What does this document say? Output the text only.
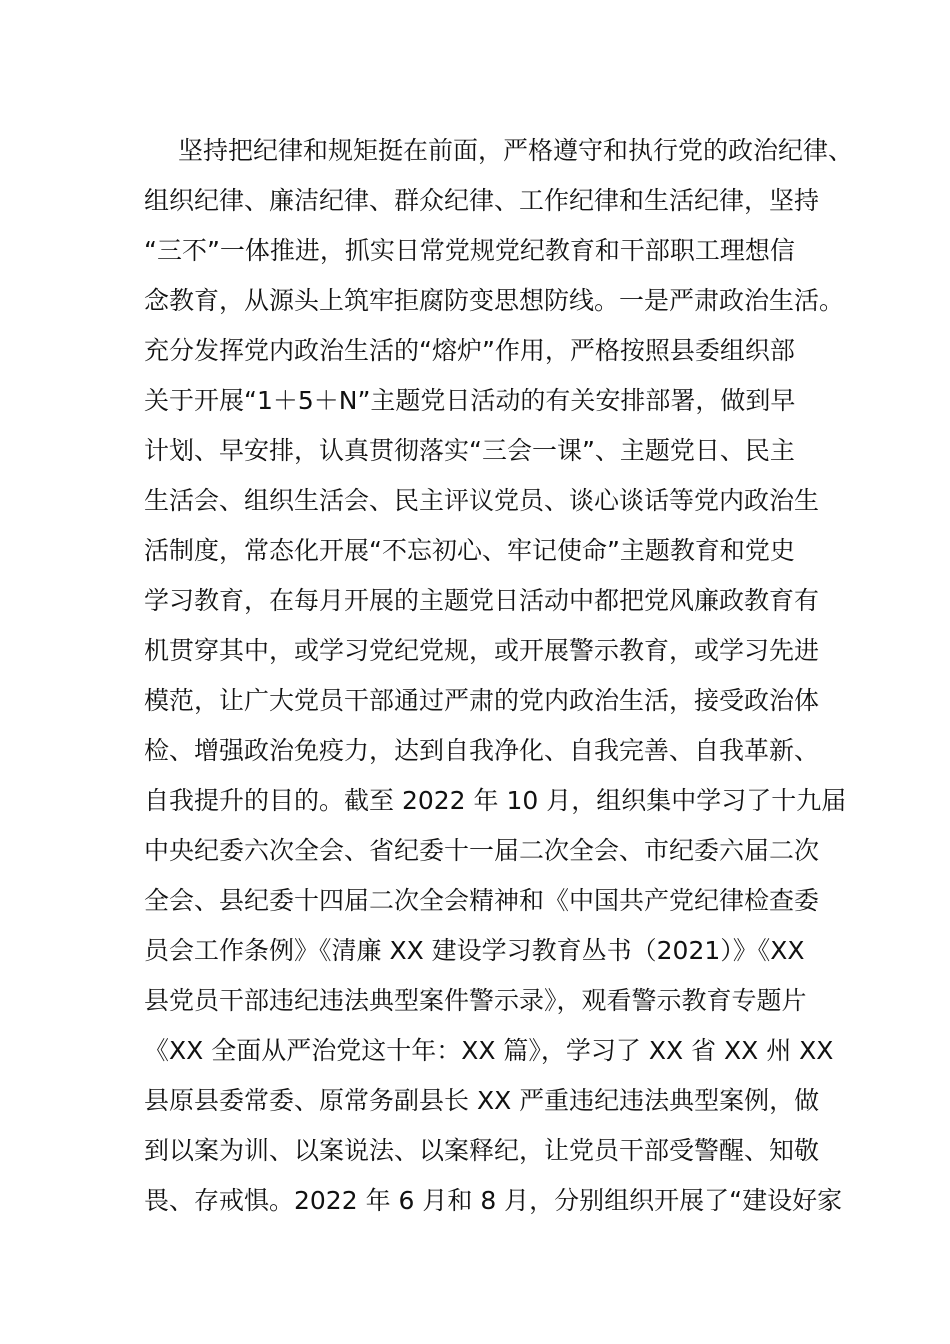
坚持把纪律和规矩挺在前面，严格遵守和执行党的政治纪律、
组织纪律、廉洁纪律、群众纪律、工作纪律和生活纪律，坚持
“三不”一体推进，抓实日常党规党纪教育和干部职工理想信
念教育，从源头上筑牢拒腐防变思想防线。一是严肃政治生活。
充分发挥党内政治生活的“熔炉”作用，严格按照县委组织部
关于开展“1＋5＋N”主题党日活动的有关安排部署，做到早
计划、早安排，认真贯彻落实“三会一课”、主题党日、民主
生活会、组织生活会、民主评议党员、谈心谈话等党内政治生
活制度，常态化开展“不忘初心、牢记使命”主题教育和党史
学习教育，在每月开展的主题党日活动中都把党风廉政教育有
机贯穿其中，或学习党纪党规，或开展警示教育，或学习先进
模范，让广大党员干部通过严肃的党内政治生活，接受政治体
检、增强政治免疫力，达到自我净化、自我完善、自我革新、
自我提升的目的。截至 2022 年 10 月，组织集中学习了十九届
中央纪委六次全会、省纪委十一届二次全会、市纪委六届二次
全会、县纪委十四届二次全会精神和《中国共产党纪律检查委
员会工作条例》《清廉 XX 建设学习教育丛书（2021）》《XX
县党员干部违纪违法典型案件警示录》，观看警示教育专题片
《XX 全面从严治党这十年：XX 篇》，学习了 XX 省 XX 州 XX
县原县委常委、原常务副县长 XX 严重违纪违法典型案例，做
到以案为训、以案说法、以案释纪，让党员干部受警醒、知敬
畏、存戒惧。2022 年 6 月和 8 月，分别组织开展了“建设好家
